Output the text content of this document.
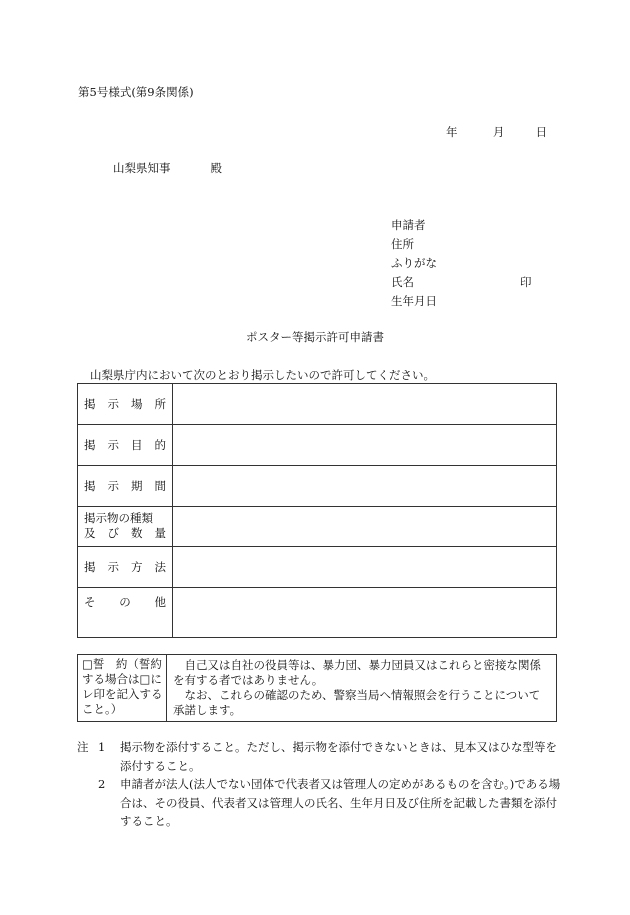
第5号様式(第9条関係)
年	月	日
山梨県知事	殿
申請者
住所
ふりがな
氏名	印
生年月日
ポスター等掲示許可申請書
山梨県庁内において次のとおり掲示したいので許可してください。
掲 示 場 所	

掲 示 目 的	

掲 示 期 間	

掲示物の種類
及 び 数 量	

掲 示 方 法	

そ の 他	

□誓　約（誓約する場合は□にレ印を記入すること。）	
自己又は自社の役員等は、暴力団、暴力団員又はこれらと密接な関係を有する者ではありません。
なお、これらの確認のため、警察当局へ情報照会を行うことについて承諾します。
注 1	掲示物を添付すること。ただし、掲示物を添付できないときは、見本又はひな型等を添付すること。
2	申請者が法人(法人でない団体で代表者又は管理人の定めがあるものを含む。)である場合は、その役員、代表者又は管理人の氏名、生年月日及び住所を記載した書類を添付すること。
